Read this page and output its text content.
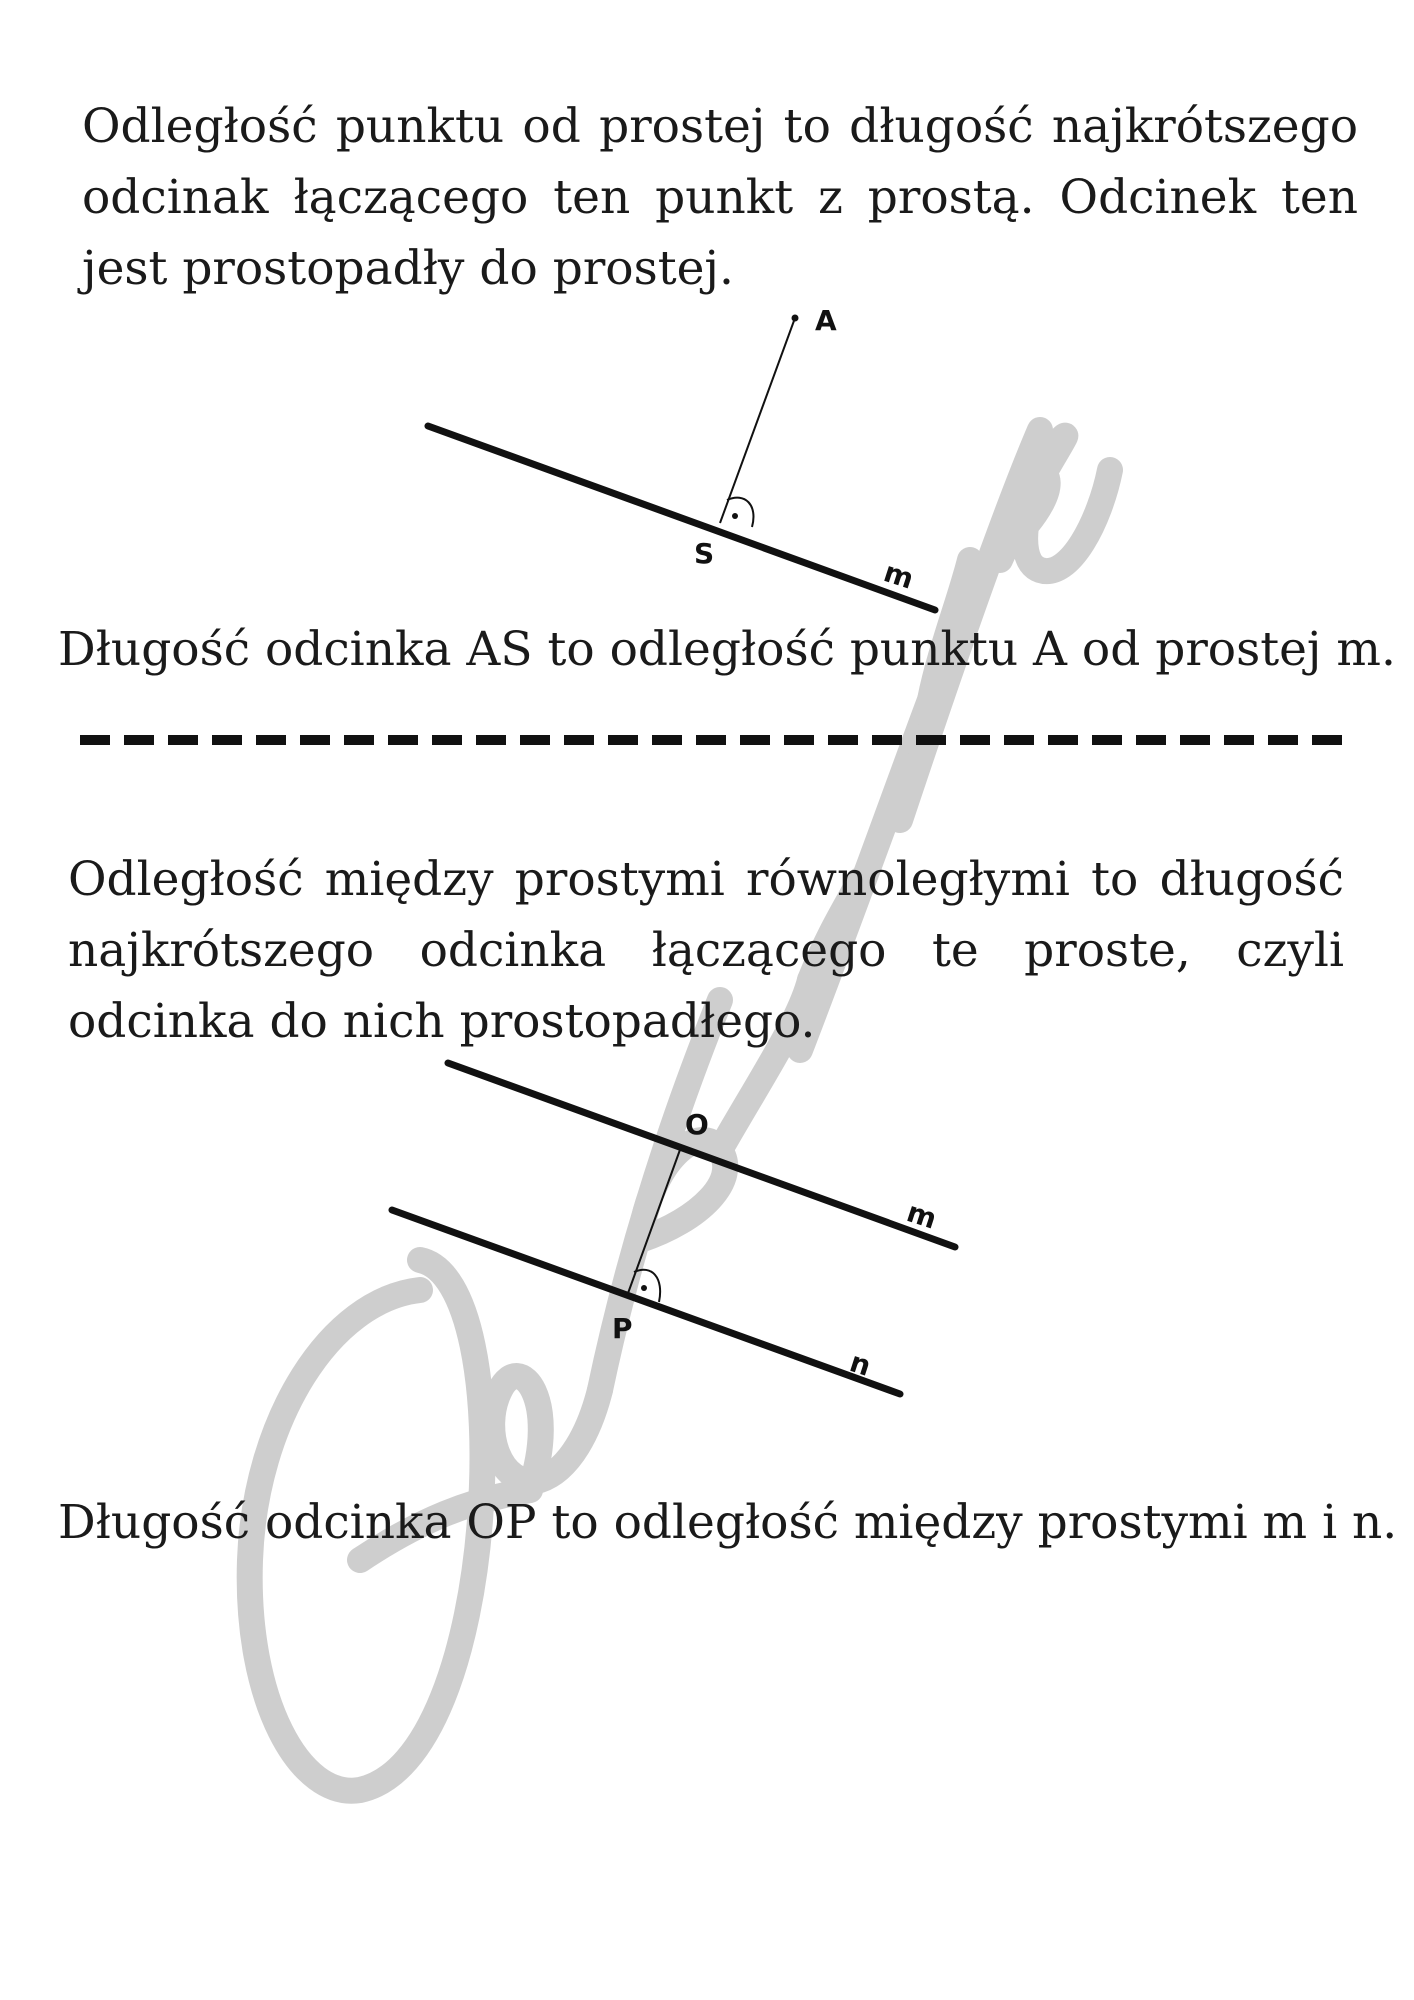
Odległość punktu od prostej to długość najkrótszego odcinak łączącego ten punkt z prostą. Odcinek ten jest prostopadły do prostej.

A
S
m
Długość odcinka AS to odległość punktu A od prostej m.

Odległość między prostymi równoległymi to długość najkrótszego odcinka łączącego te proste, czyli odcinka do nich prostopadłego.

O
P
m
n
Długość odcinka OP to odległość między prostymi m i n.
